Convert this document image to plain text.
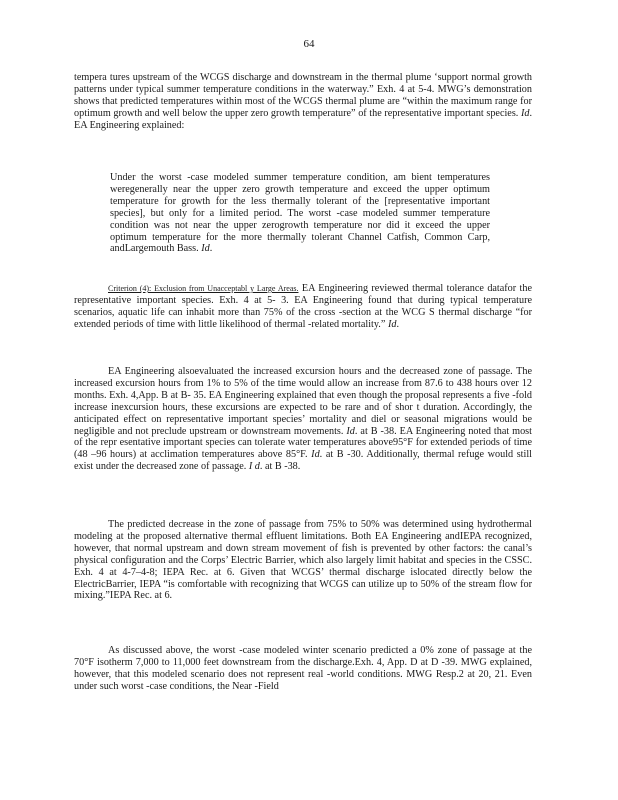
64

tempera tures upstream of the WCGS discharge and downstream in the thermal plume ‘support normal growth patterns under typical summer temperature conditions in the waterway.” Exh. 4 at 5-4. MWG’s demonstration shows that predicted temperatures within most of the WCGS thermal plume are “within the maximum range for optimum growth and well below the upper zero growth temperature” of the representative important species. Id. EA Engineering explained:

Under the worst -case modeled summer temperature condition, am bient temperatures weregenerally near the upper zero growth temperature and exceed the upper optimum temperature for growth for the less thermally tolerant of the [representative important species], but only for a limited period. The worst -case modeled summer temperature condition was not near the upper zerogrowth temperature nor did it exceed the upper optimum temperature for the more thermally tolerant Channel Catfish, Common Carp, andLargemouth Bass. Id.

Criterion (4): Exclusion from Unacceptabl y Large Areas. EA Engineering reviewed thermal tolerance datafor the representative important species. Exh. 4 at 5- 3. EA Engineering found that during typical temperature scenarios, aquatic life can inhabit more than 75% of the cross -section at the WCG S thermal discharge “for extended periods of time with little likelihood of thermal -related mortality.” Id.

EA Engineering alsoevaluated the increased excursion hours and the decreased zone of passage. The increased excursion hours from 1% to 5% of the time would allow an increase from 87.6 to 438 hours over 12 months. Exh. 4,App. B at B- 35. EA Engineering explained that even though the proposal represents a five -fold increase inexcursion hours, these excursions are expected to be rare and of shor t duration. Accordingly, the anticipated effect on representative important species’ mortality and diel or seasonal migrations would be negligible and not preclude upstream or downstream movements. Id. at B -38. EA Engineering noted that most of the repr esentative important species can tolerate water temperatures above95°F for extended periods of time (48 –96 hours) at acclimation temperatures above 85°F. Id. at B -30. Additionally, thermal refuge would still exist under the decreased zone of passage. I d. at B -38.

The predicted decrease in the zone of passage from 75% to 50% was determined using hydrothermal modeling at the proposed alternative thermal effluent limitations. Both EA Engineering andIEPA recognized, however, that normal upstream and down stream movement of fish is prevented by other factors: the canal’s physical configuration and the Corps’ Electric Barrier, which also largely limit habitat and species in the CSSC. Exh. 4 at 4-7–4-8; IEPA Rec. at 6. Given that WCGS’ thermal discharge islocated directly below the ElectricBarrier, IEPA “is comfortable with recognizing that WCGS can utilize up to 50% of the stream flow for mixing.”IEPA Rec. at 6.

As discussed above, the worst -case modeled winter scenario predicted a 0% zone of passage at the 70°F isotherm 7,000 to 11,000 feet downstream from the discharge.Exh. 4, App. D at D -39. MWG explained, however, that this modeled scenario does not represent real -world conditions. MWG Resp.2 at 20, 21. Even under such worst -case conditions, the Near -Field
